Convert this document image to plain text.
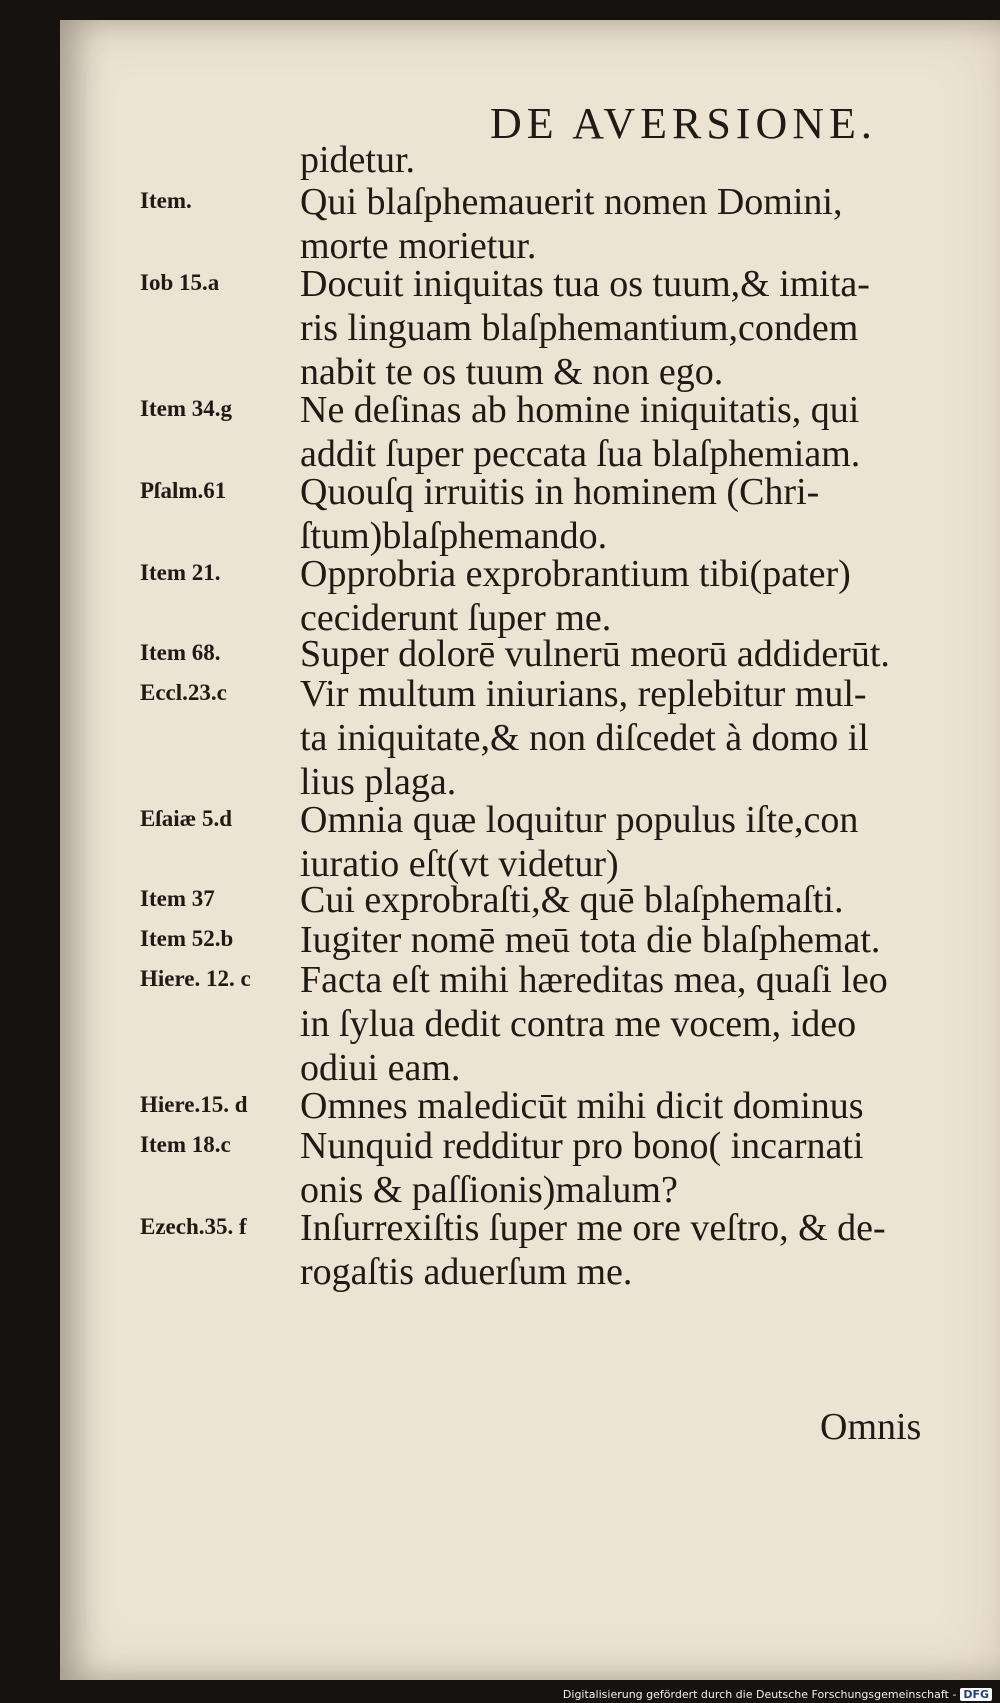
DE AVERSIONE.
pidetur.
Item.	Qui blaſphemauerit nomen Domini,
morte morietur.
Iob 15.a	Docuit iniquitas tua os tuum,& imita-
ris linguam blaſphemantium,condem
nabit te os tuum & non ego.
Item 34.g	Ne deſinas ab homine iniquitatis, qui
addit ſuper peccata ſua blaſphemiam.
Pſalm.61	Quouſq irruitis in hominem (Chri-
ſtum)blaſphemando.
Item 21.	Opprobria exprobrantium tibi(pater)
ceciderunt ſuper me.
Item 68.	Super dolorē vulnerū meorū addiderūt.
Eccl.23.c	Vir multum iniurians, replebitur mul-
ta iniquitate,& non diſcedet à domo il
lius plaga.
Eſaiæ 5.d	Omnia quæ loquitur populus iſte,con
iuratio eſt(vt videtur)
Item 37	Cui exprobraſti,& quē blaſphemaſti.
Item 52.b	Iugiter nomē meū tota die blaſphemat.
Hiere. 12. c	Facta eſt mihi hæreditas mea, quaſi leo
in ſylua dedit contra me vocem, ideo
odiui eam.
Hiere.15. d	Omnes maledicūt mihi dicit dominus
Item 18.c	Nunquid redditur pro bono( incarnati
onis & paſſionis)malum?
Ezech.35. f	Inſurrexiſtis ſuper me ore veſtro, & de-
rogaſtis aduerſum me.
Omnis
Digitalisierung gefördert durch die Deutsche Forschungsgemeinschaft - DFG
